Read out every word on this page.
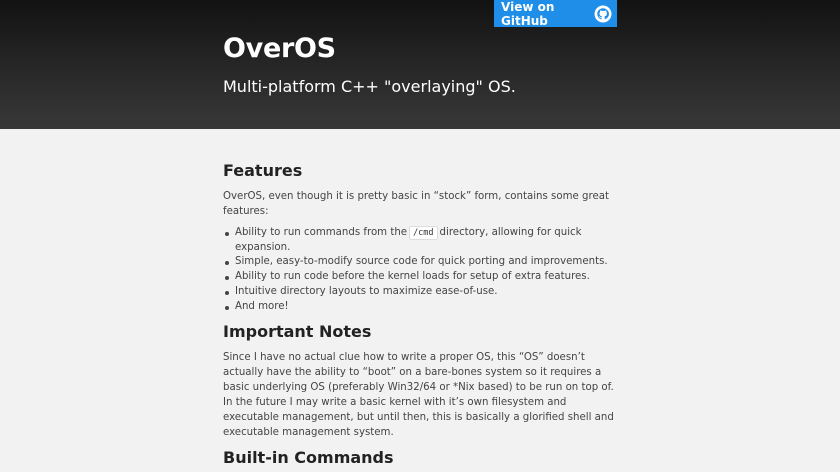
View on GitHub
OverOS
Multi-platform C++ "overlaying" OS.
Features

OverOS, even though it is pretty basic in “stock” form, contains some great features:

Ability to run commands from the /cmd directory, allowing for quick expansion.
Simple, easy-to-modify source code for quick porting and improvements.
Ability to run code before the kernel loads for setup of extra features.
Intuitive directory layouts to maximize ease-of-use.
And more!
Important Notes

Since I have no actual clue how to write a proper OS, this “OS” doesn’t actually have the ability to “boot” on a bare-bones system so it requires a basic underlying OS (preferably Win32/64 or *Nix based) to be run on top of. In the future I may write a basic kernel with it’s own filesystem and executable management, but until then, this is basically a glorified shell and executable management system.

Built-in Commands
